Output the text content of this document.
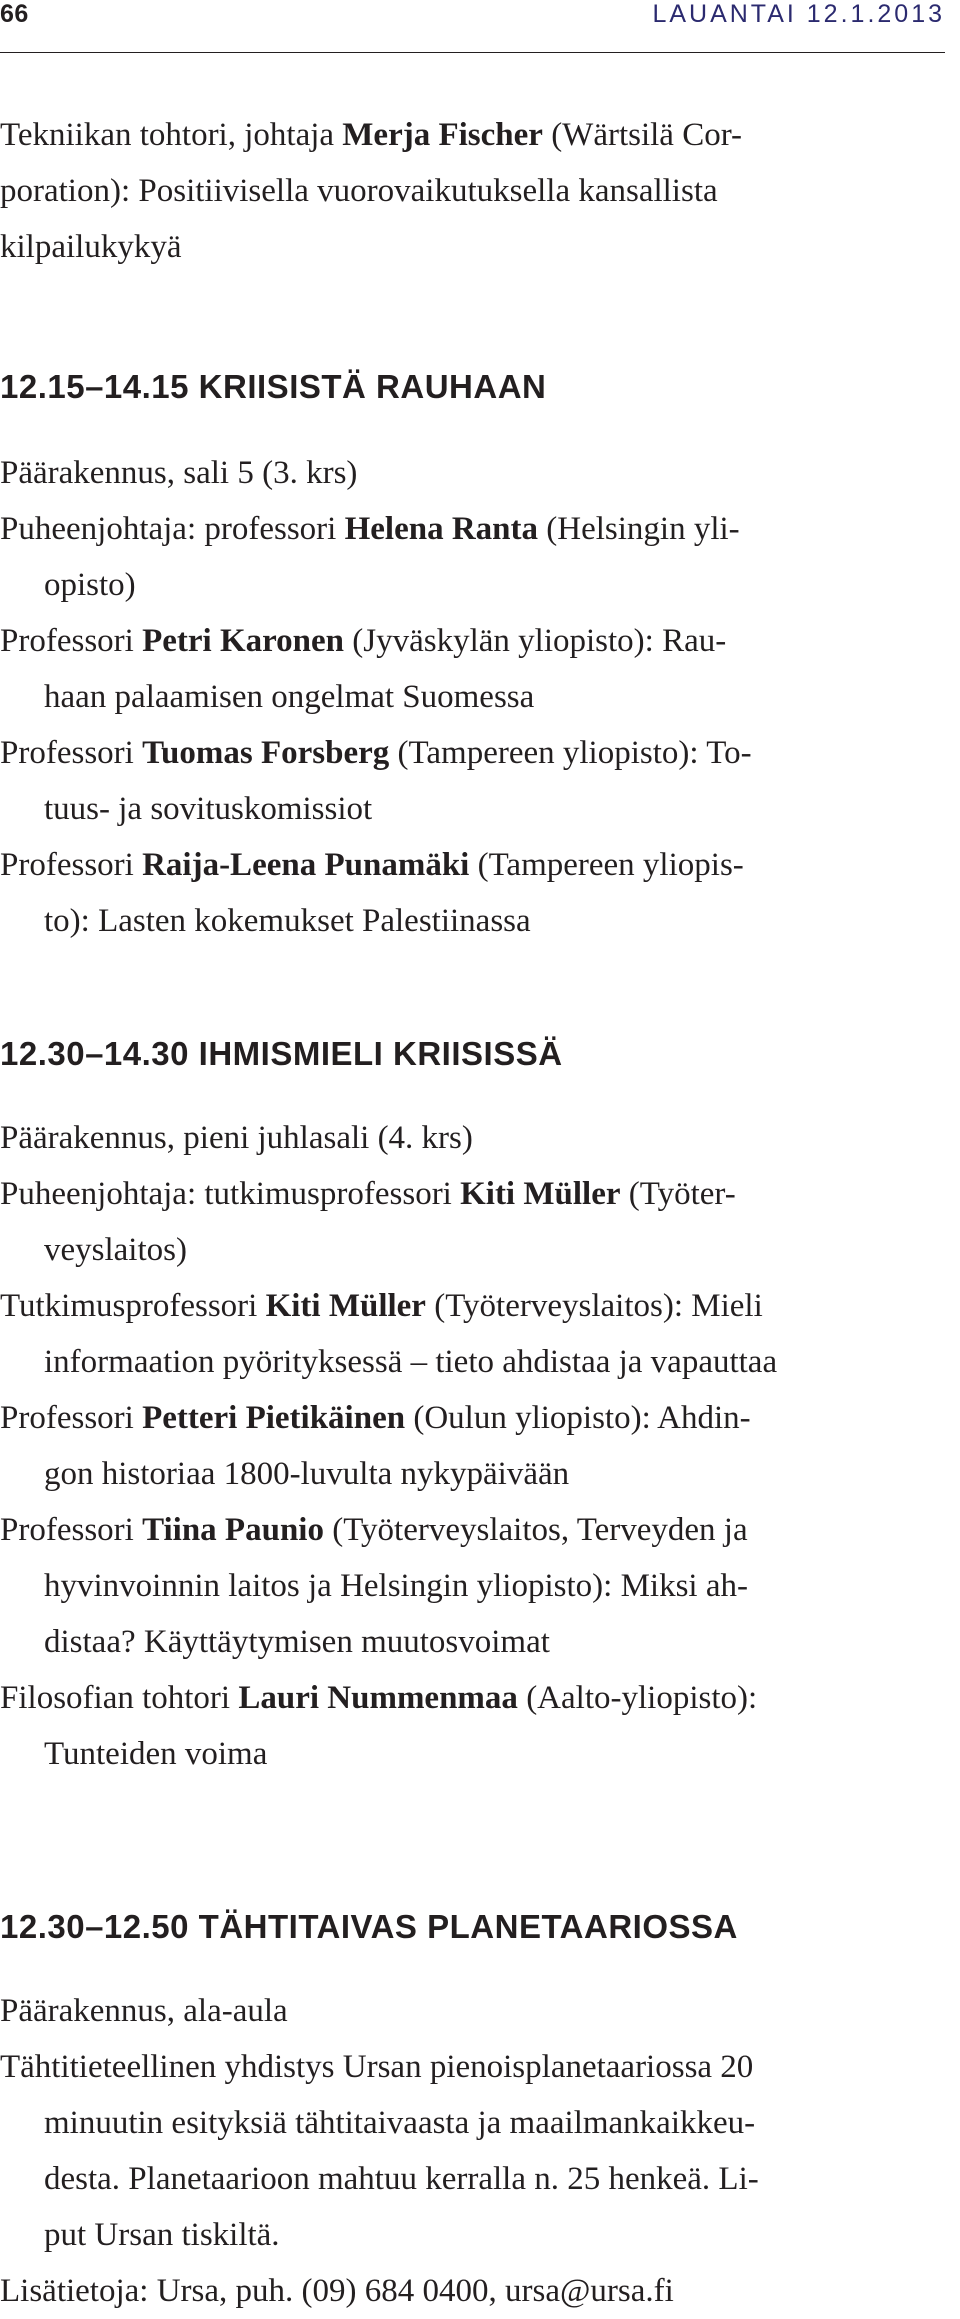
66	LAUANTAI 12.1.2013
Tekniikan tohtori, johtaja Merja Fischer (Wärtsilä Cor-
poration): Positiivisella vuorovaikutuksella kansallista
kilpailukykyä
12.15–14.15 KRIISISTÄ RAUHAAN
Päärakennus, sali 5 (3. krs)
Puheenjohtaja: professori Helena Ranta (Helsingin yli-
opisto)
Professori Petri Karonen (Jyväskylän yliopisto): Rau-
haan palaamisen ongelmat Suomessa
Professori Tuomas Forsberg (Tampereen yliopisto): To-
tuus- ja sovituskomissiot
Professori Raija-Leena Punamäki (Tampereen yliopis-
to): Lasten kokemukset Palestiinassa
12.30–14.30 IHMISMIELI KRIISISSÄ
Päärakennus, pieni juhlasali (4. krs)
Puheenjohtaja: tutkimusprofessori Kiti Müller (Työter-
veyslaitos)
Tutkimusprofessori Kiti Müller (Työterveyslaitos): Mieli
informaation pyörityksessä – tieto ahdistaa ja vapauttaa
Professori Petteri Pietikäinen (Oulun yliopisto): Ahdin-
gon historiaa 1800-luvulta nykypäivään
Professori Tiina Paunio (Työterveyslaitos, Terveyden ja
hyvinvoinnin laitos ja Helsingin yliopisto): Miksi ah-
distaa? Käyttäytymisen muutosvoimat
Filosofian tohtori Lauri Nummenmaa (Aalto-yliopisto):
Tunteiden voima
12.30–12.50 TÄHTITAIVAS PLANETAARIOSSA
Päärakennus, ala-aula
Tähtitieteellinen yhdistys Ursan pienoisplanetaariossa 20
minuutin esityksiä tähtitaivaasta ja maailmankaikkeu-
desta. Planetaarioon mahtuu kerralla n. 25 henkeä. Li-
put Ursan tiskiltä.
Lisätietoja: Ursa, puh. (09) 684 0400, ursa@ursa.fi
